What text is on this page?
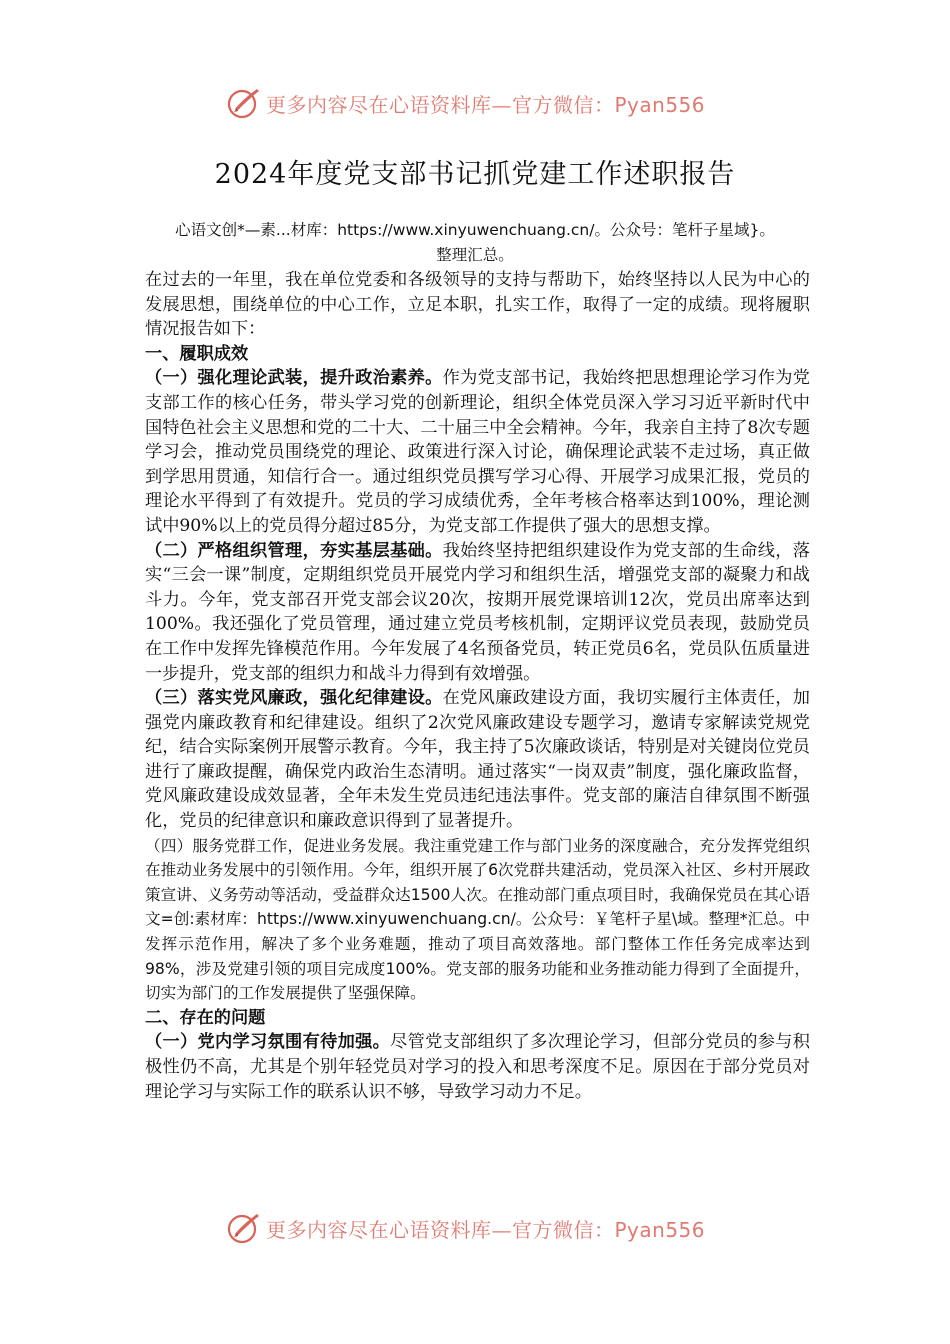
更多内容尽在心语资料库—官方微信：Pyan556
2024年度党支部书记抓党建工作述职报告
心语文创*—素...材库：https://www.xinyuwenchuang.cn/。公众号：笔杆子星域}。
整理汇总。

在过去的一年里，我在单位党委和各级领导的支持与帮助下，始终坚持以人民为中心的发展思想，围绕单位的中心工作，立足本职，扎实工作，取得了一定的成绩。现将履职情况报告如下：

一、履职成效

（一）强化理论武装，提升政治素养。作为党支部书记，我始终把思想理论学习作为党支部工作的核心任务，带头学习党的创新理论，组织全体党员深入学习习近平新时代中国特色社会主义思想和党的二十大、二十届三中全会精神。今年，我亲自主持了8次专题学习会，推动党员围绕党的理论、政策进行深入讨论，确保理论武装不走过场，真正做到学思用贯通，知信行合一。通过组织党员撰写学习心得、开展学习成果汇报，党员的理论水平得到了有效提升。党员的学习成绩优秀，全年考核合格率达到100%，理论测试中90%以上的党员得分超过85分，为党支部工作提供了强大的思想支撑。

（二）严格组织管理，夯实基层基础。我始终坚持把组织建设作为党支部的生命线，落实“三会一课”制度，定期组织党员开展党内学习和组织生活，增强党支部的凝聚力和战斗力。今年，党支部召开党支部会议20次，按期开展党课培训12次，党员出席率达到100%。我还强化了党员管理，通过建立党员考核机制，定期评议党员表现，鼓励党员在工作中发挥先锋模范作用。今年发展了4名预备党员，转正党员6名，党员队伍质量进一步提升，党支部的组织力和战斗力得到有效增强。

（三）落实党风廉政，强化纪律建设。在党风廉政建设方面，我切实履行主体责任，加强党内廉政教育和纪律建设。组织了2次党风廉政建设专题学习，邀请专家解读党规党纪，结合实际案例开展警示教育。今年，我主持了5次廉政谈话，特别是对关键岗位党员进行了廉政提醒，确保党内政治生态清明。通过落实“一岗双责”制度，强化廉政监督，党风廉政建设成效显著，全年未发生党员违纪违法事件。党支部的廉洁自律氛围不断强化，党员的纪律意识和廉政意识得到了显著提升。

（四）服务党群工作，促进业务发展。我注重党建工作与部门业务的深度融合，充分发挥党组织在推动业务发展中的引领作用。今年，组织开展了6次党群共建活动，党员深入社区、乡村开展政策宣讲、义务劳动等活动，受益群众达1500人次。在推动部门重点项目时，我确保党员在其心语文=创:素材库：https://www.xinyuwenchuang.cn/。公众号：￥笔杆子星\域。整理*汇总。中发挥示范作用，解决了多个业务难题，推动了项目高效落地。部门整体工作任务完成率达到98%，涉及党建引领的项目完成度100%。党支部的服务功能和业务推动能力得到了全面提升，切实为部门的工作发展提供了坚强保障。

二、存在的问题

（一）党内学习氛围有待加强。尽管党支部组织了多次理论学习，但部分党员的参与积极性仍不高，尤其是个别年轻党员对学习的投入和思考深度不足。原因在于部分党员对理论学习与实际工作的联系认识不够，导致学习动力不足。

更多内容尽在心语资料库—官方微信：Pyan556
